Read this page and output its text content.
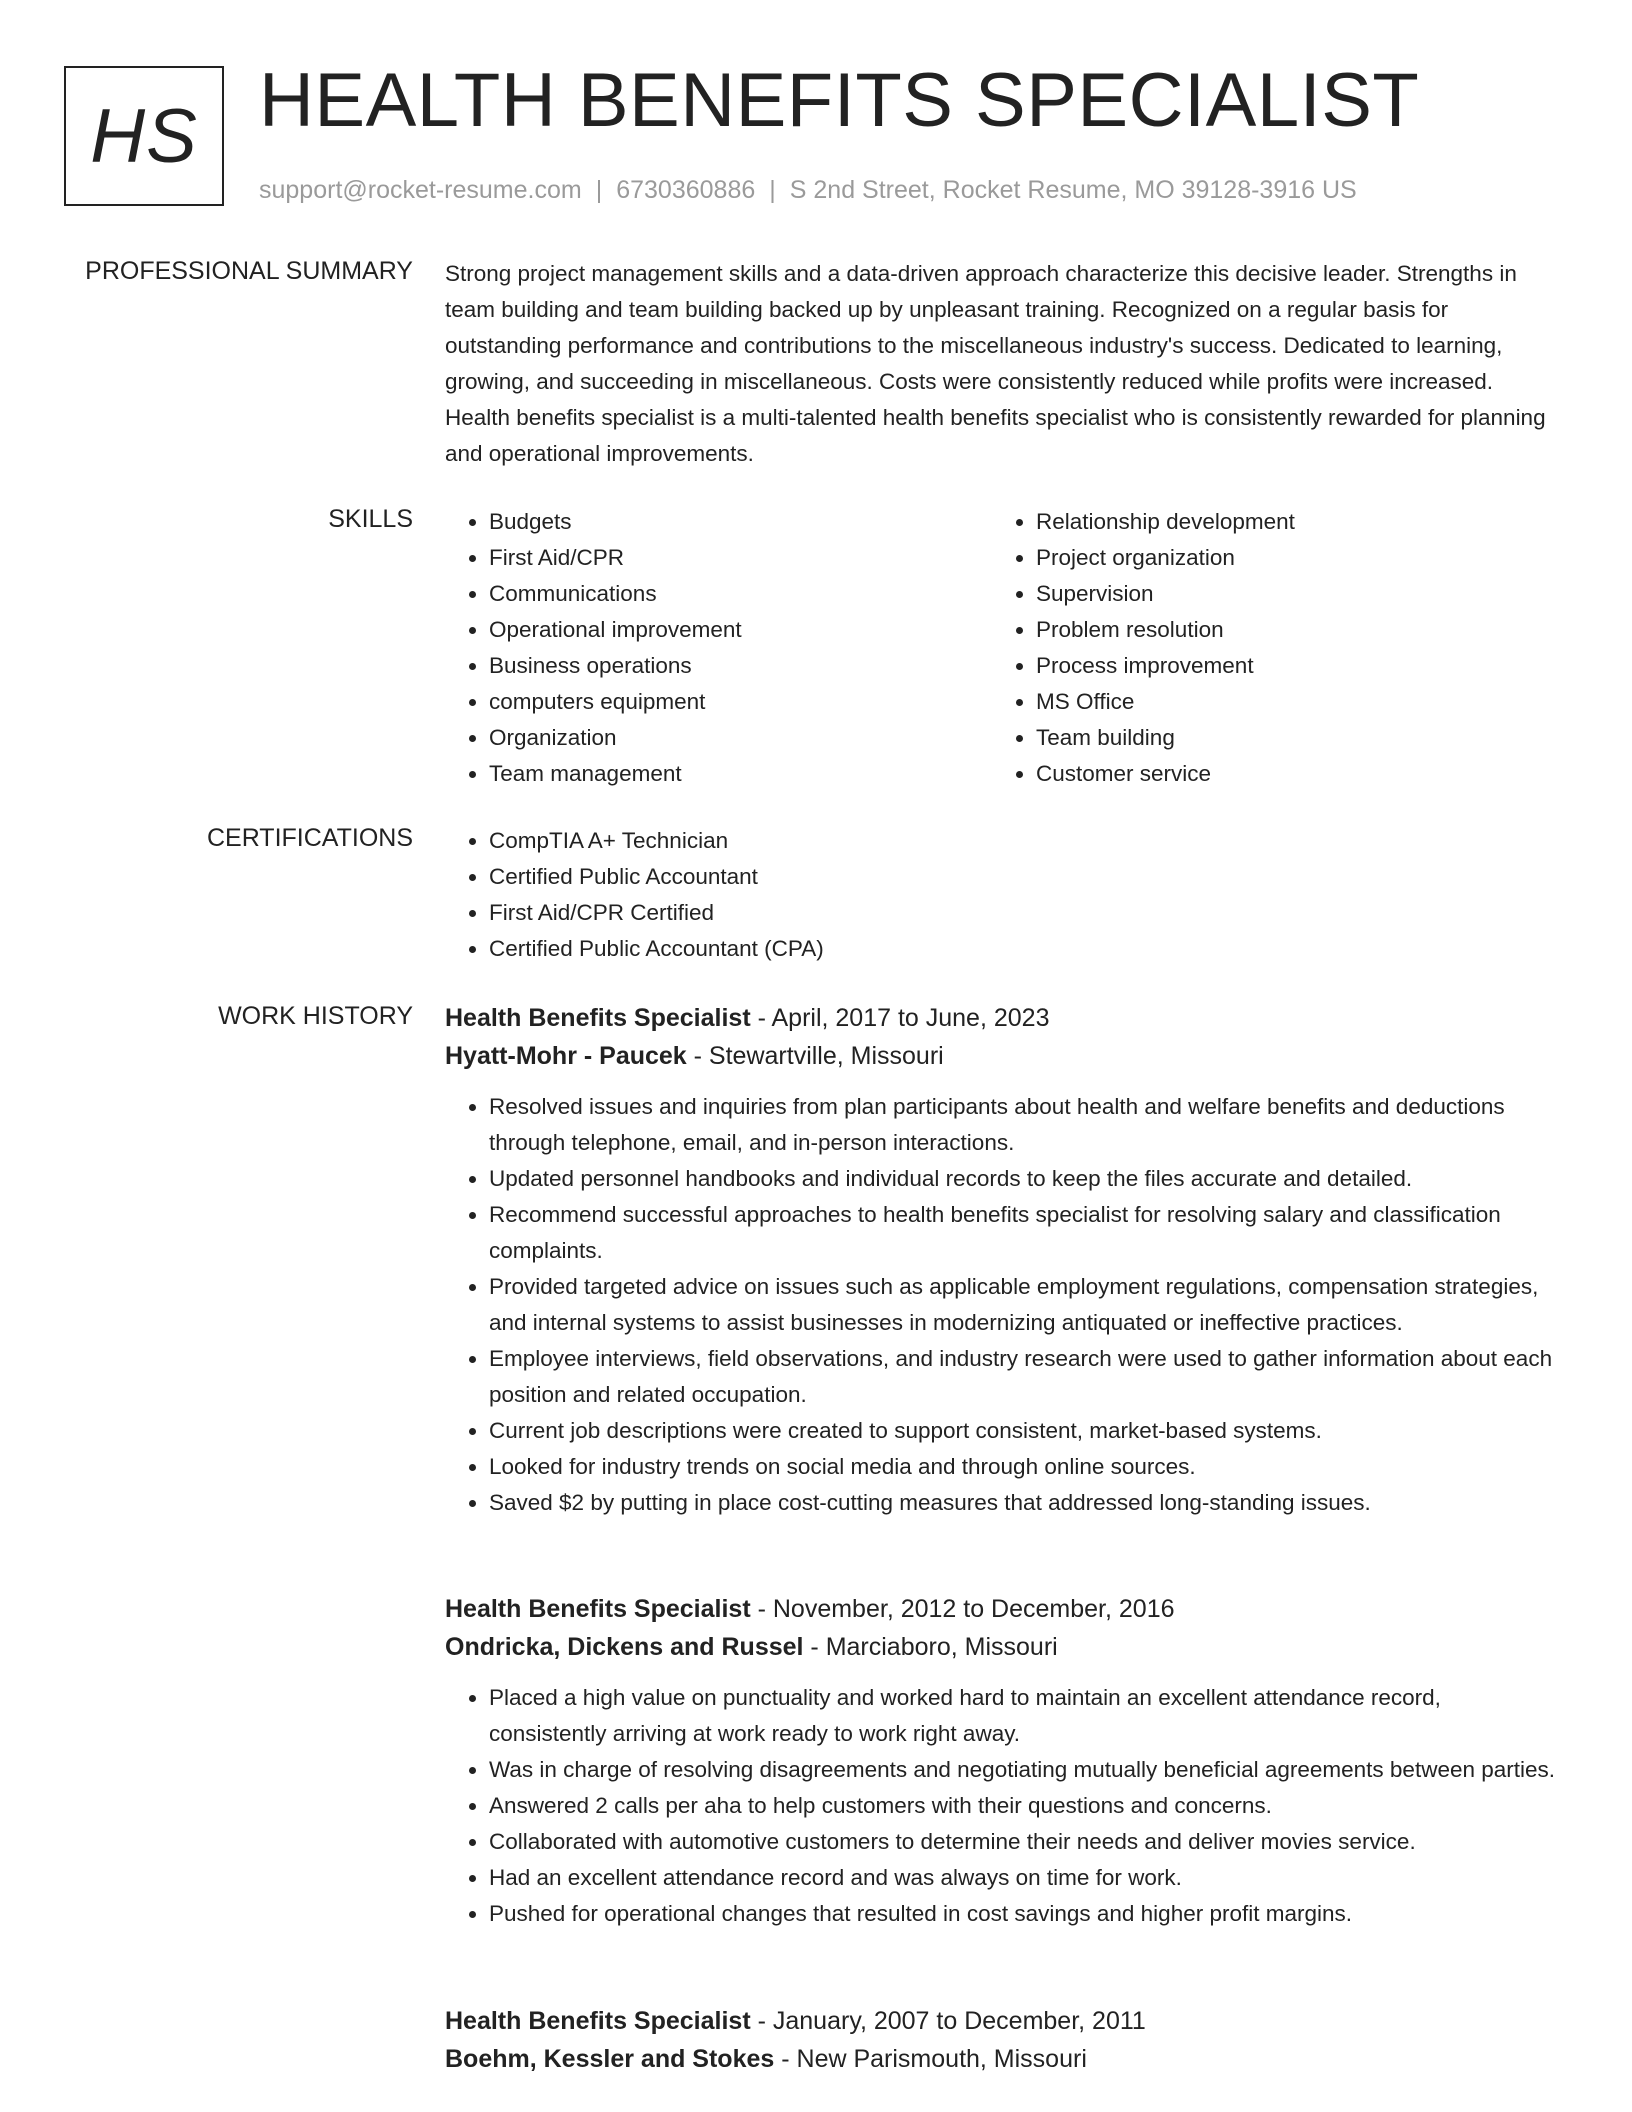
HS HEALTH BENEFITS SPECIALIST
support@rocket-resume.com | 6730360886 | S 2nd Street, Rocket Resume, MO 39128-3916 US
PROFESSIONAL SUMMARY Strong project management skills and a data-driven approach characterize this decisive leader. Strengths in team building and team building backed up by unpleasant training. Recognized on a regular basis for outstanding performance and contributions to the miscellaneous industry's success. Dedicated to learning, growing, and succeeding in miscellaneous. Costs were consistently reduced while profits were increased. Health benefits specialist is a multi-talented health benefits specialist who is consistently rewarded for planning and operational improvements.
SKILLS	• Budgets
• First Aid/CPR
• Communications
• Operational improvement
• Business operations
• computers equipment
• Organization
• Team management
• Relationship development
• Project organization
• Supervision
• Problem resolution
• Process improvement
• MS Office
• Team building
• Customer service
CERTIFICATIONS	• CompTIA A+ Technician
• Certified Public Accountant
• First Aid/CPR Certified
• Certified Public Accountant (CPA)
WORK HISTORY Health Benefits Specialist - April, 2017 to June, 2023
Hyatt-Mohr - Paucek - Stewartville, Missouri
• Resolved issues and inquiries from plan participants about health and welfare benefits and deductions through telephone, email, and in-person interactions.
• Updated personnel handbooks and individual records to keep the files accurate and detailed.
• Recommend successful approaches to health benefits specialist for resolving salary and classification complaints.
• Provided targeted advice on issues such as applicable employment regulations, compensation strategies, and internal systems to assist businesses in modernizing antiquated or ineffective practices.
• Employee interviews, field observations, and industry research were used to gather information about each position and related occupation.
• Current job descriptions were created to support consistent, market-based systems.
• Looked for industry trends on social media and through online sources.
• Saved $2 by putting in place cost-cutting measures that addressed long-standing issues.
Health Benefits Specialist - November, 2012 to December, 2016
Ondricka, Dickens and Russel - Marciaboro, Missouri
• Placed a high value on punctuality and worked hard to maintain an excellent attendance record, consistently arriving at work ready to work right away.
• Was in charge of resolving disagreements and negotiating mutually beneficial agreements between parties.
• Answered 2 calls per aha to help customers with their questions and concerns.
• Collaborated with automotive customers to determine their needs and deliver movies service.
• Had an excellent attendance record and was always on time for work.
• Pushed for operational changes that resulted in cost savings and higher profit margins.
Health Benefits Specialist - January, 2007 to December, 2011
Boehm, Kessler and Stokes - New Parismouth, Missouri
